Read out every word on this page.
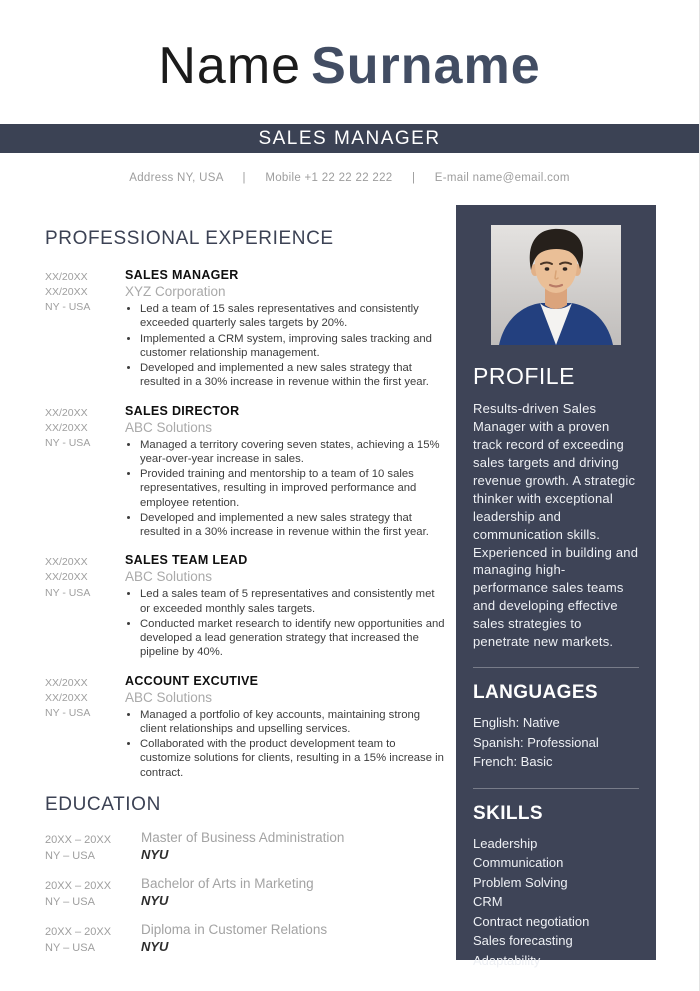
Name Surname
SALES MANAGER
Address NY, USA | Mobile +1 22 22 22 222 | E-mail name@email.com
PROFESSIONAL EXPERIENCE
XX/20XX
XX/20XX
NY - USA
SALES MANAGER
XYZ Corporation
• Led a team of 15 sales representatives and consistently exceeded quarterly sales targets by 20%.
• Implemented a CRM system, improving sales tracking and customer relationship management.
• Developed and implemented a new sales strategy that resulted in a 30% increase in revenue within the first year.
XX/20XX
XX/20XX
NY - USA
SALES DIRECTOR
ABC Solutions
• Managed a territory covering seven states, achieving a 15% year-over-year increase in sales.
• Provided training and mentorship to a team of 10 sales representatives, resulting in improved performance and employee retention.
• Developed and implemented a new sales strategy that resulted in a 30% increase in revenue within the first year.
XX/20XX
XX/20XX
NY - USA
SALES TEAM LEAD
ABC Solutions
• Led a sales team of 5 representatives and consistently met or exceeded monthly sales targets.
• Conducted market research to identify new opportunities and developed a lead generation strategy that increased the pipeline by 40%.
XX/20XX
XX/20XX
NY - USA
ACCOUNT EXCUTIVE
ABC Solutions
• Managed a portfolio of key accounts, maintaining strong client relationships and upselling services.
• Collaborated with the product development team to customize solutions for clients, resulting in a 15% increase in contract.
EDUCATION
20XX – 20XX
NY – USA
Master of Business Administration
NYU
20XX – 20XX
NY – USA
Bachelor of Arts in Marketing
NYU
20XX – 20XX
NY – USA
Diploma in Customer Relations
NYU
PROFILE
Results-driven Sales Manager with a proven track record of exceeding sales targets and driving revenue growth. A strategic thinker with exceptional leadership and communication skills. Experienced in building and managing high-performance sales teams and developing effective sales strategies to penetrate new markets.
LANGUAGES
English: Native
Spanish: Professional
French: Basic
SKILLS
Leadership
Communication
Problem Solving
CRM
Contract negotiation
Sales forecasting
Adaptability
